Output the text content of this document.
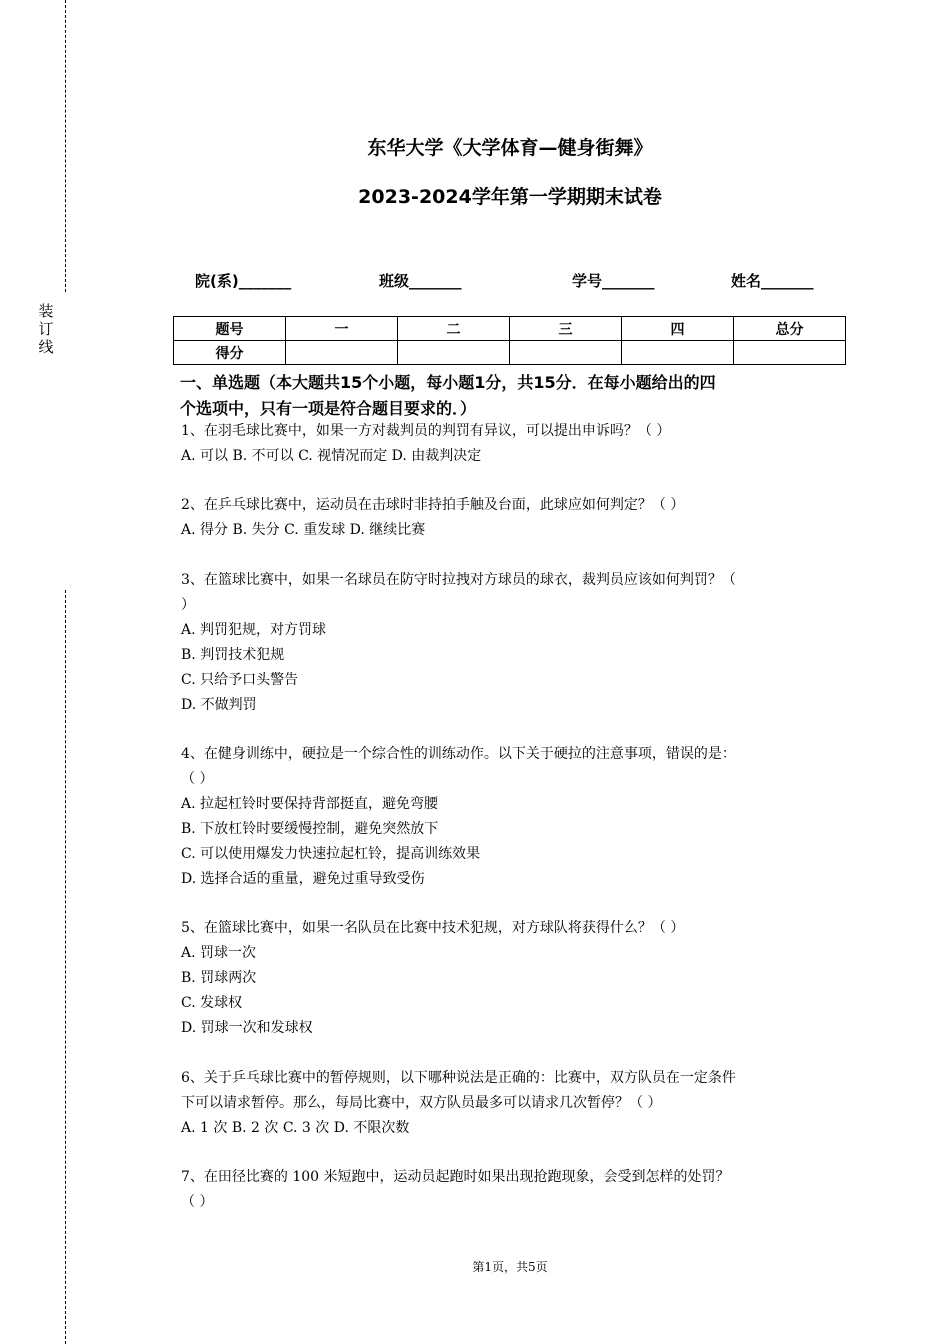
装订线
东华大学《大学体育—健身街舞》
2023-2024学年第一学期期末试卷
院(系)_______	班级_______	学号_______	姓名_______
题号	一	二	三	四	总分
得分					
一、单选题（本大题共15个小题，每小题1分，共15分．在每小题给出的四
个选项中，只有一项是符合题目要求的．）
1、在羽毛球比赛中，如果一方对裁判员的判罚有异议，可以提出申诉吗？（ ）
A. 可以 B. 不可以 C. 视情况而定 D. 由裁判决定
2、在乒乓球比赛中，运动员在击球时非持拍手触及台面，此球应如何判定？（ ）
A. 得分 B. 失分 C. 重发球 D. 继续比赛
3、在篮球比赛中，如果一名球员在防守时拉拽对方球员的球衣，裁判员应该如何判罚？（
）
A. 判罚犯规，对方罚球
B. 判罚技术犯规
C. 只给予口头警告
D. 不做判罚
4、在健身训练中，硬拉是一个综合性的训练动作。以下关于硬拉的注意事项，错误的是：
（ ）
A. 拉起杠铃时要保持背部挺直，避免弯腰
B. 下放杠铃时要缓慢控制，避免突然放下
C. 可以使用爆发力快速拉起杠铃，提高训练效果
D. 选择合适的重量，避免过重导致受伤
5、在篮球比赛中，如果一名队员在比赛中技术犯规，对方球队将获得什么？（ ）
A. 罚球一次
B. 罚球两次
C. 发球权
D. 罚球一次和发球权
6、关于乒乓球比赛中的暂停规则，以下哪种说法是正确的：比赛中，双方队员在一定条件
下可以请求暂停。那么，每局比赛中，双方队员最多可以请求几次暂停？（ ）
A. 1 次 B. 2 次 C. 3 次 D. 不限次数
7、在田径比赛的 100 米短跑中，运动员起跑时如果出现抢跑现象，会受到怎样的处罚？
（ ）
第1页，共5页
